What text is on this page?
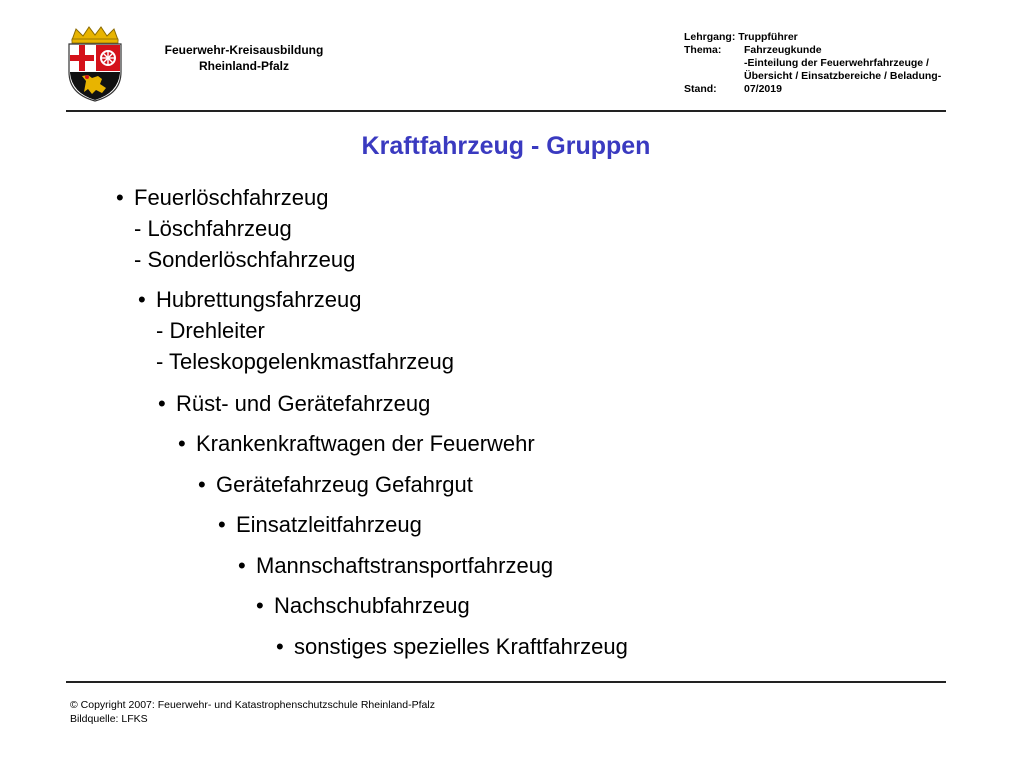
Feuerwehr-Kreisausbildung
Rheinland-Pfalz
Lehrgang:
Truppführer
Thema:	Fahrzeugkunde
-Einteilung der Feuerwehrfahrzeuge /
Übersicht / Einsatzbereiche / Beladung-
Stand:	07/2019
Kraftfahrzeug - Gruppen
• Feuerlöschfahrzeug
- Löschfahrzeug
- Sonderlöschfahrzeug
• Hubrettungsfahrzeug
- Drehleiter
- Teleskopgelenkmastfahrzeug
• Rüst- und Gerätefahrzeug
• Krankenkraftwagen der Feuerwehr
• Gerätefahrzeug Gefahrgut
• Einsatzleitfahrzeug
• Mannschaftstransportfahrzeug
• Nachschubfahrzeug
• sonstiges spezielles Kraftfahrzeug
© Copyright 2007: Feuerwehr- und Katastrophenschutzschule Rheinland-Pfalz
Bildquelle: LFKS
